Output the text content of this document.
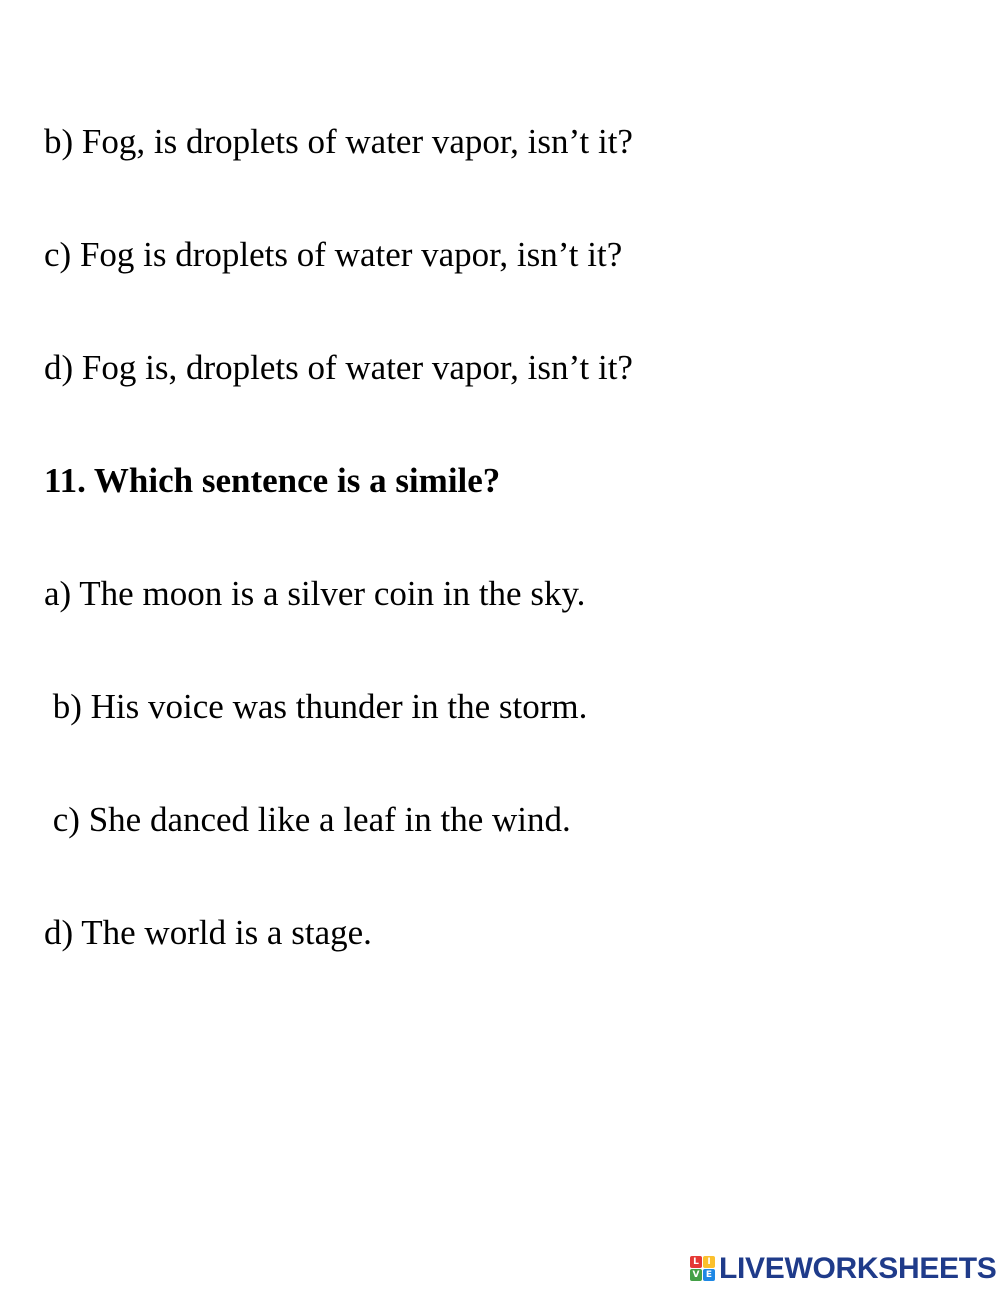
b) Fog, is droplets of water vapor, isn’t it?
c) Fog is droplets of water vapor, isn’t it?
d) Fog is, droplets of water vapor, isn’t it?
11. Which sentence is a simile?
a) The moon is a silver coin in the sky.
b) His voice was thunder in the storm.
c) She danced like a leaf in the wind.
d) The world is a stage.
L I
V E LIVEWORKSHEETS
